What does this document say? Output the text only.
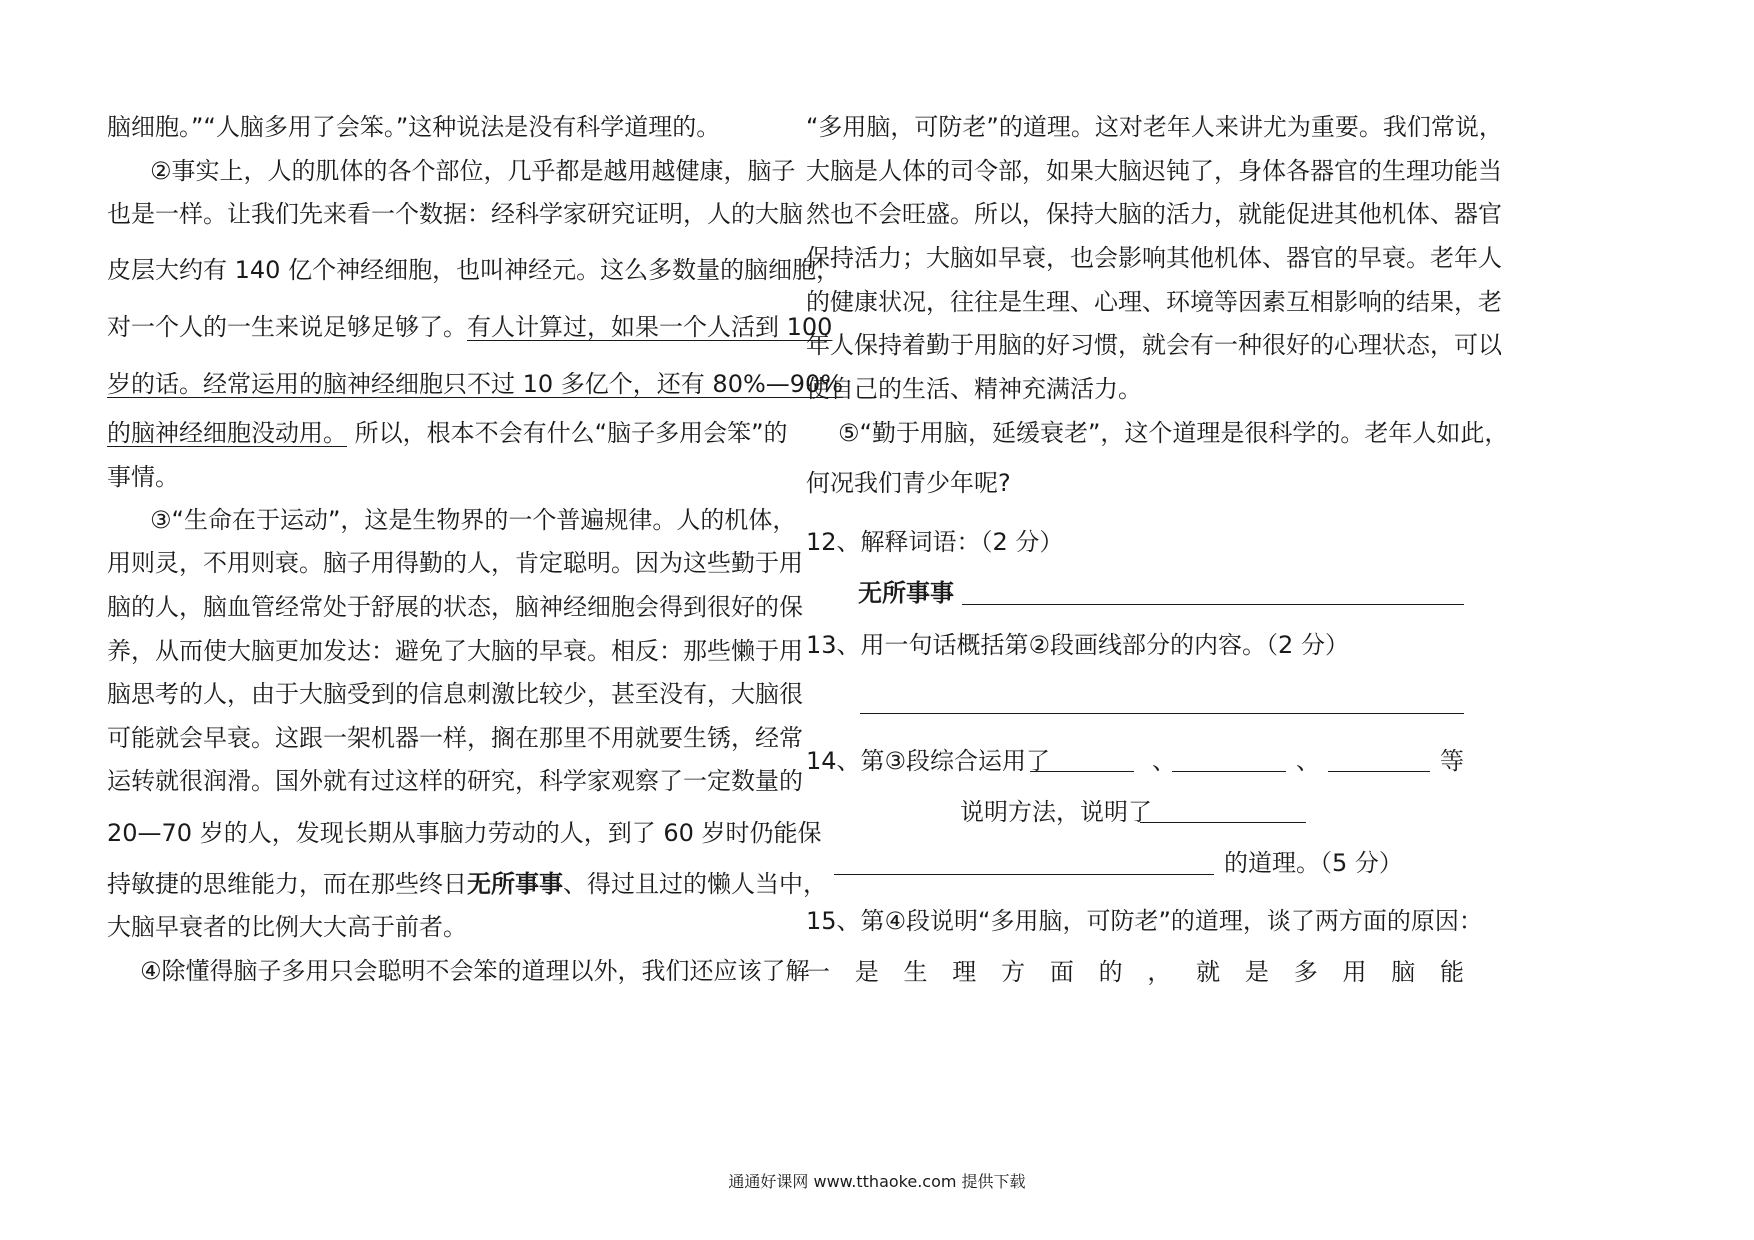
脑细胞。”“人脑多用了会笨。”这种说法是没有科学道理的。
②事实上，人的肌体的各个部位，几乎都是越用越健康，脑子
也是一样。让我们先来看一个数据：经科学家研究证明，人的大脑
皮层大约有 140 亿个神经细胞，也叫神经元。这么多数量的脑细胞，
对一个人的一生来说足够足够了。有人计算过，如果一个人活到 100
岁的话。经常运用的脑神经细胞只不过 10 多亿个，还有 80%—90%
的脑神经细胞没动用。 所以，根本不会有什么“脑子多用会笨”的
事情。
③“生命在于运动”，这是生物界的一个普遍规律。人的机体，
用则灵，不用则衰。脑子用得勤的人，肯定聪明。因为这些勤于用
脑的人，脑血管经常处于舒展的状态，脑神经细胞会得到很好的保
养，从而使大脑更加发达：避免了大脑的早衰。相反：那些懒于用
脑思考的人，由于大脑受到的信息刺激比较少，甚至没有，大脑很
可能就会早衰。这跟一架机器一样，搁在那里不用就要生锈，经常
运转就很润滑。国外就有过这样的研究，科学家观察了一定数量的
20—70 岁的人，发现长期从事脑力劳动的人，到了 60 岁时仍能保
持敏捷的思维能力，而在那些终日无所事事、得过且过的懒人当中，
大脑早衰者的比例大大高于前者。
④除懂得脑子多用只会聪明不会笨的道理以外，我们还应该了解
“多用脑，可防老”的道理。这对老年人来讲尤为重要。我们常说，
大脑是人体的司令部，如果大脑迟钝了，身体各器官的生理功能当
然也不会旺盛。所以，保持大脑的活力，就能促进其他机体、器官
保持活力；大脑如早衰，也会影响其他机体、器官的早衰。老年人
的健康状况，往往是生理、心理、环境等因素互相影响的结果，老
年人保持着勤于用脑的好习惯，就会有一种很好的心理状态，可以
使自己的生活、精神充满活力。
⑤“勤于用脑，延缓衰老”，这个道理是很科学的。老年人如此，
何况我们青少年呢?
12、解释词语：（2 分）
无所事事
13、用一句话概括第②段画线部分的内容。（2 分）
14、第③段综合运用了	、	、	等
说明方法，说明了
的道理。（5 分）
15、第④段说明“多用脑，可防老”的道理，谈了两方面的原因：
一 是 生 理 方 面 的 ， 就 是 多 用 脑 能
通通好课网 www.tthaoke.com 提供下载
